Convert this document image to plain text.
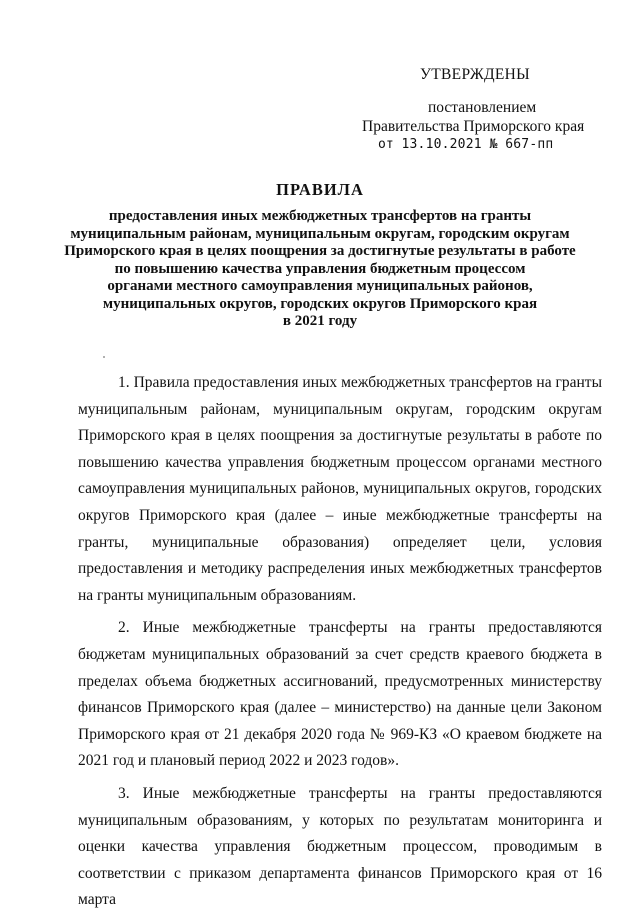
УТВЕРЖДЕНЫ
постановлением
Правительства Приморского края
от 13.10.2021 № 667-пп
ПРАВИЛА
предоставления иных межбюджетных трансфертов на гранты
муниципальным районам, муниципальным округам, городским округам
Приморского края в целях поощрения за достигнутые результаты в работе
по повышению качества управления бюджетным процессом
органами местного самоуправления муниципальных районов,
муниципальных округов, городских округов Приморского края
в 2021 году

1. Правила предоставления иных межбюджетных трансфертов на гранты муниципальным районам, муниципальным округам, городским округам Приморского края в целях поощрения за достигнутые результаты в работе по повышению качества управления бюджетным процессом органами местного самоуправления муниципальных районов, муниципальных округов, городских округов Приморского края (далее – иные межбюджетные трансферты на гранты, муниципальные образования) определяет цели, условия предоставления и методику распределения иных межбюджетных трансфертов на гранты муниципальным образованиям.

2. Иные межбюджетные трансферты на гранты предоставляются бюджетам муниципальных образований за счет средств краевого бюджета в пределах объема бюджетных ассигнований, предусмотренных министерству финансов Приморского края (далее – министерство) на данные цели Законом Приморского края от 21 декабря 2020 года № 969-КЗ «О краевом бюджете на 2021 год и плановый период 2022 и 2023 годов».

3. Иные межбюджетные трансферты на гранты предоставляются муниципальным образованиям, у которых по результатам мониторинга и оценки качества управления бюджетным процессом, проводимым в соответствии с приказом департамента финансов Приморского края от 16 марта
